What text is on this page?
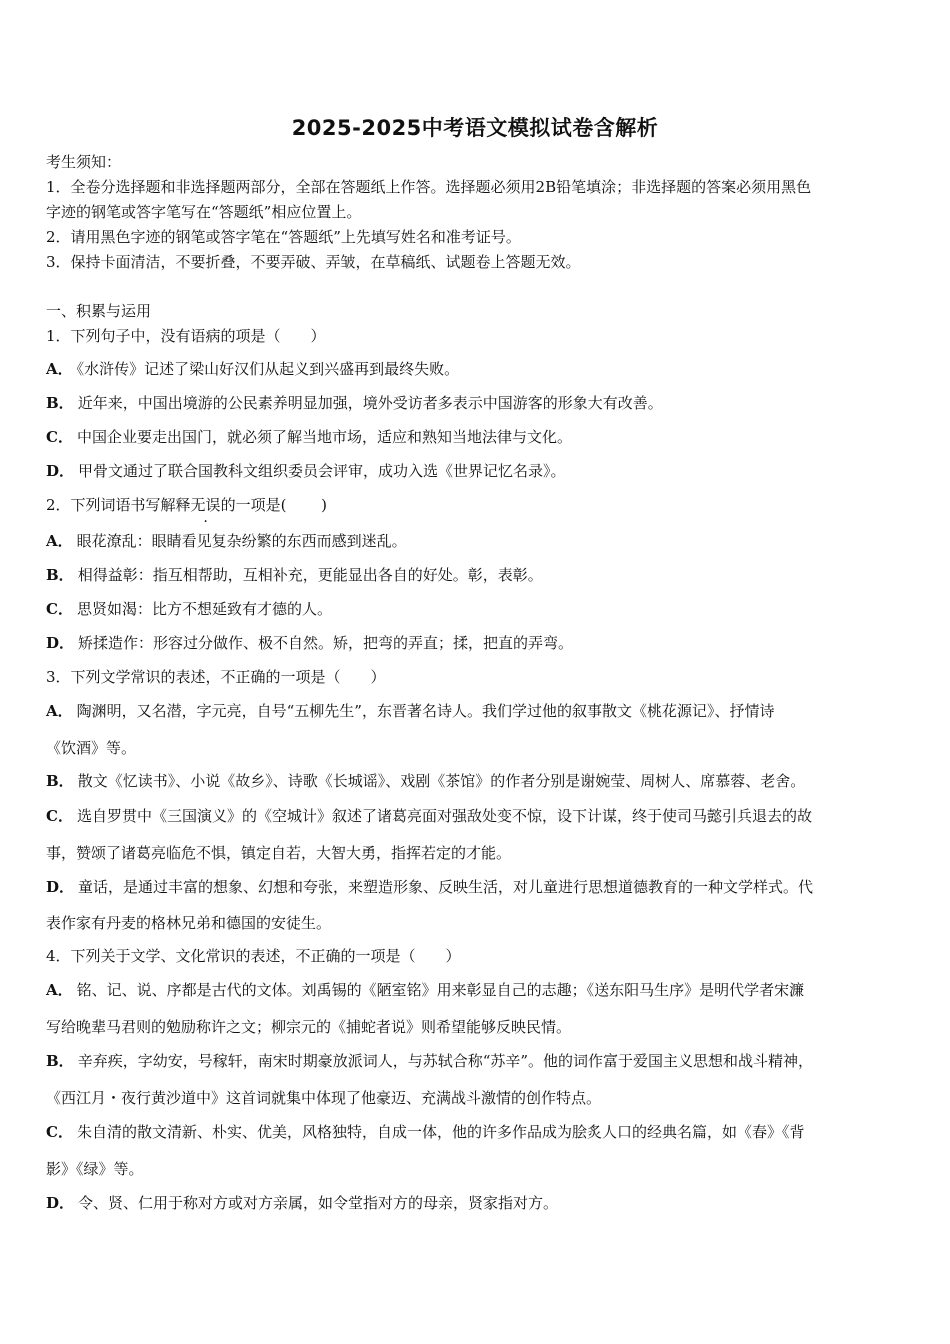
2025-2025中考语文模拟试卷含解析
考生须知：
1．全卷分选择题和非选择题两部分，全部在答题纸上作答。选择题必须用2B铅笔填涂；非选择题的答案必须用黑色
字迹的钢笔或答字笔写在“答题纸”相应位置上。
2．请用黑色字迹的钢笔或答字笔在“答题纸”上先填写姓名和准考证号。
3．保持卡面清洁，不要折叠，不要弄破、弄皱，在草稿纸、试题卷上答题无效。
一、积累与运用
1．下列句子中，没有语病的项是（　　）
A． 《水浒传》记述了梁山好汉们从起义到兴盛再到最终失败。
B． 近年来，中国出境游的公民素养明显加强，境外受访者多表示中国游客的形象大有改善。
C． 中国企业要走出国门，就必须了解当地市场，适应和熟知当地法律与文化。
D． 甲骨文通过了联合国教科文组织委员会评审，成功入选《世界记忆名录》。
2．下列词语书写解释无误的一项是(　　 )
A． 眼花潦乱：眼睛看见复杂纷繁的东西而感到迷乱。
B． 相得益彰：指互相帮助，互相补充，更能显出各自的好处。彰，表彰。
C． 思贤如渴：比方不想延致有才德的人。
D． 矫揉造作：形容过分做作、极不自然。矫，把弯的弄直；揉，把直的弄弯。
3．下列文学常识的表述，不正确的一项是（　　）
A． 陶渊明，又名潜，字元亮，自号“五柳先生”，东晋著名诗人。我们学过他的叙事散文《桃花源记》、抒情诗
《饮酒》等。
B． 散文《忆读书》、小说《故乡》、诗歌《长城谣》、戏剧《茶馆》的作者分别是谢婉莹、周树人、席慕蓉、老舍。
C． 选自罗贯中《三国演义》的《空城计》叙述了诸葛亮面对强敌处变不惊，设下计谋，终于使司马懿引兵退去的故
事，赞颂了诸葛亮临危不惧，镇定自若，大智大勇，指挥若定的才能。
D． 童话，是通过丰富的想象、幻想和夸张，来塑造形象、反映生活，对儿童进行思想道德教育的一种文学样式。代
表作家有丹麦的格林兄弟和德国的安徒生。
4．下列关于文学、文化常识的表述，不正确的一项是（　　）
A． 铭、记、说、序都是古代的文体。刘禹锡的《陋室铭》用来彰显自己的志趣；《送东阳马生序》是明代学者宋濂
写给晚辈马君则的勉励称许之文；柳宗元的《捕蛇者说》则希望能够反映民情。
B． 辛弃疾，字幼安，号稼轩，南宋时期豪放派词人，与苏轼合称“苏辛”。他的词作富于爱国主义思想和战斗精神，
《西江月・夜行黄沙道中》这首词就集中体现了他豪迈、充满战斗激情的创作特点。
C． 朱自清的散文清新、朴实、优美，风格独特，自成一体，他的许多作品成为脍炙人口的经典名篇，如《春》《背
影》《绿》等。
D． 令、贤、仁用于称对方或对方亲属，如令堂指对方的母亲，贤家指对方。
